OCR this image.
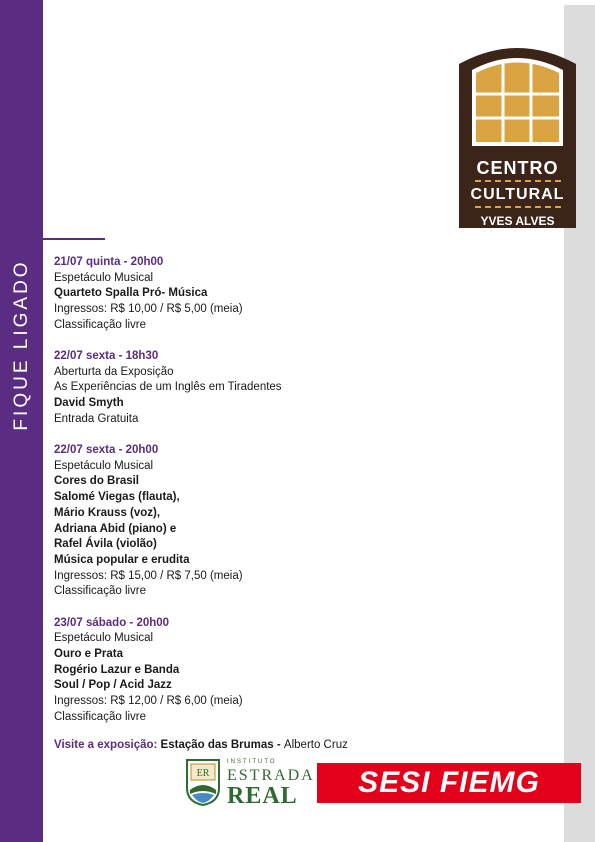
FIQUE LIGADO
PROGRAMAÇÃO SEMANAL	CENTRO
CULTURAL
YVES ALVES
21/07 quinta - 20h00
Espetáculo Musical
Quarteto Spalla Pró- Música
Ingressos: R$ 10,00 / R$ 5,00 (meia)
Classificação livre
22/07 sexta - 18h30
Aberturta da Exposição
As Experiências de um Inglês em Tiradentes
David Smyth
Entrada Gratuita
22/07 sexta - 20h00
Espetáculo Musical
Cores do Brasil
Salomé Viegas (flauta),
Mário Krauss (voz),
Adriana Abid (piano) e
Rafel Ávila (violão)
Música popular e erudita
Ingressos: R$ 15,00 / R$ 7,50 (meia)
Classificação livre
23/07 sábado - 20h00
Espetáculo Musical
Ouro e Prata
Rogério Lazur e Banda
Soul / Pop / Acid Jazz
Ingressos: R$ 12,00 / R$ 6,00 (meia)
Classificação livre
Visite a exposição: Estação das Brumas - Alberto Cruz
ER
INSTITUTO
ESTRADA
REAL	SESI FIEMG
